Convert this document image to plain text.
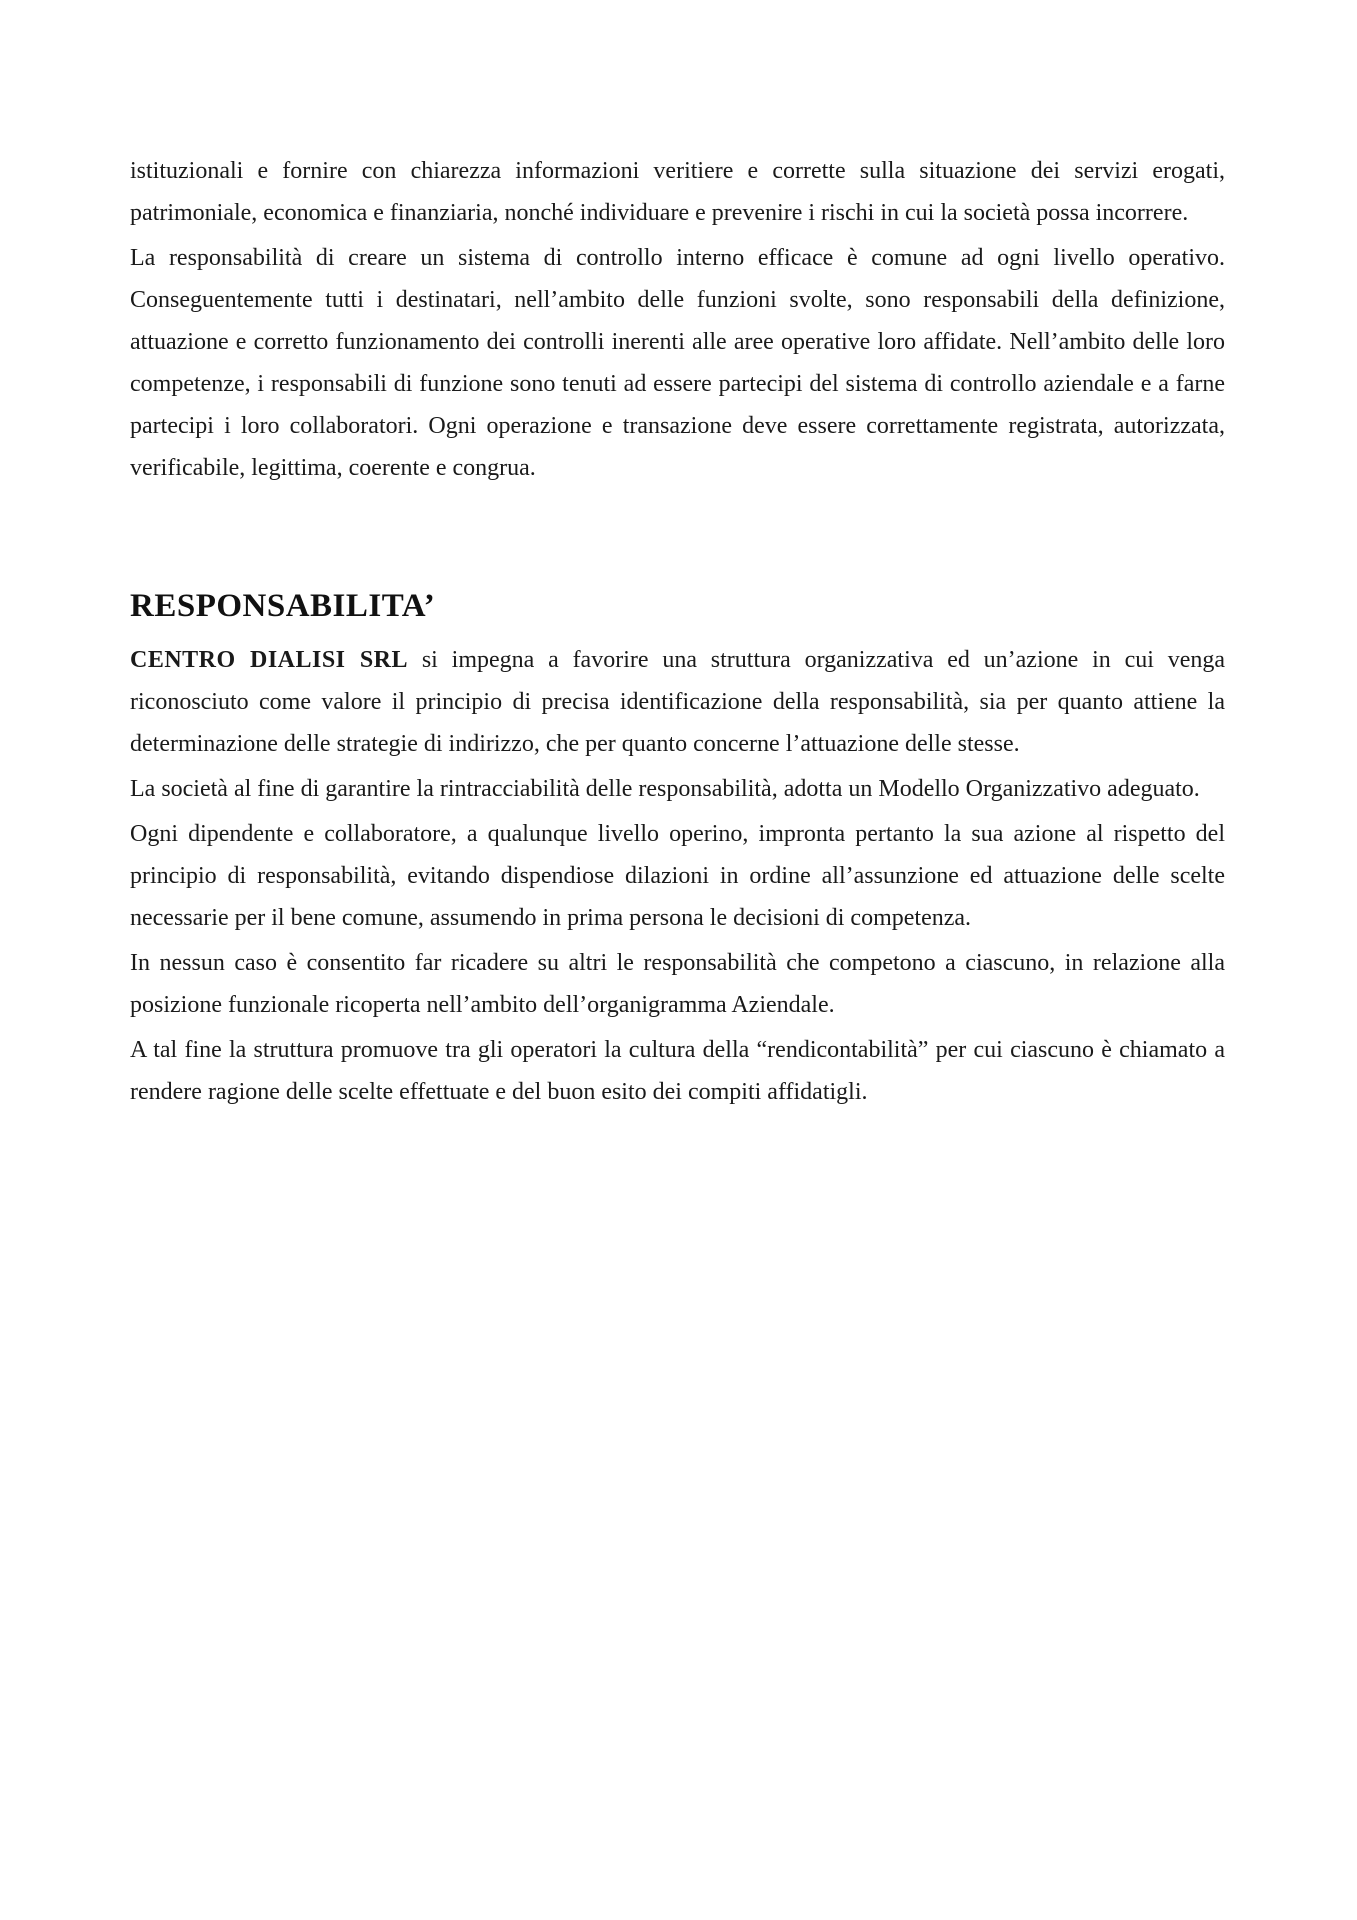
istituzionali e fornire con chiarezza informazioni veritiere e corrette sulla situazione dei servizi erogati, patrimoniale, economica e finanziaria, nonché individuare e prevenire i rischi in cui la società possa incorrere.

La responsabilità di creare un sistema di controllo interno efficace è comune ad ogni livello operativo. Conseguentemente tutti i destinatari, nell’ambito delle funzioni svolte, sono responsabili della definizione, attuazione e corretto funzionamento dei controlli inerenti alle aree operative loro affidate. Nell’ambito delle loro competenze, i responsabili di funzione sono tenuti ad essere partecipi del sistema di controllo aziendale e a farne partecipi i loro collaboratori. Ogni operazione e transazione deve essere correttamente registrata, autorizzata, verificabile, legittima, coerente e congrua.

RESPONSABILITA’

CENTRO DIALISI SRL si impegna a favorire una struttura organizzativa ed un’azione in cui venga riconosciuto come valore il principio di precisa identificazione della responsabilità, sia per quanto attiene la determinazione delle strategie di indirizzo, che per quanto concerne l’attuazione delle stesse.

La società al fine di garantire la rintracciabilità delle responsabilità, adotta un Modello Organizzativo adeguato.

Ogni dipendente e collaboratore, a qualunque livello operino, impronta pertanto la sua azione al rispetto del principio di responsabilità, evitando dispendiose dilazioni in ordine all’assunzione ed attuazione delle scelte necessarie per il bene comune, assumendo in prima persona le decisioni di competenza.

In nessun caso è consentito far ricadere su altri le responsabilità che competono a ciascuno, in relazione alla posizione funzionale ricoperta nell’ambito dell’organigramma Aziendale.

A tal fine la struttura promuove tra gli operatori la cultura della “rendicontabilità” per cui ciascuno è chiamato a rendere ragione delle scelte effettuate e del buon esito dei compiti affidatigli.
